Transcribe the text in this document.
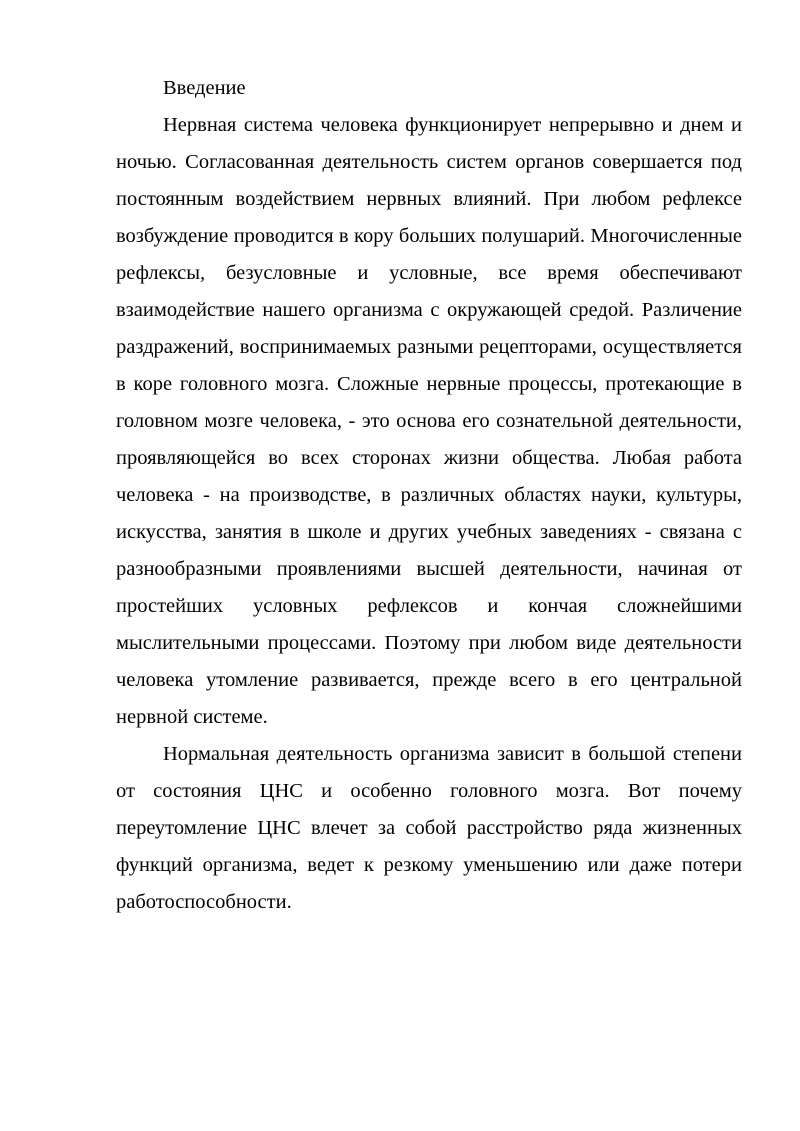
Введение

Нервная система человека функционирует непрерывно и днем и ночью. Согласованная деятельность систем органов совершается под постоянным воздействием нервных влияний. При любом рефлексе возбуждение проводится в кору больших полушарий. Многочисленные рефлексы, безусловные и условные, все время обеспечивают взаимодействие нашего организма с окружающей средой. Различение раздражений, воспринимаемых разными рецепторами, осуществляется в коре головного мозга. Сложные нервные процессы, протекающие в головном мозге человека, - это основа его сознательной деятельности, проявляющейся во всех сторонах жизни общества. Любая работа человека - на производстве, в различных областях науки, культуры, искусства, занятия в школе и других учебных заведениях - связана с разнообразными проявлениями высшей деятельности, начиная от простейших условных рефлексов и кончая сложнейшими мыслительными процессами. Поэтому при любом виде деятельности человека утомление развивается, прежде всего в его центральной нервной системе.

Нормальная деятельность организма зависит в большой степени от состояния ЦНС и особенно головного мозга. Вот почему переутомление ЦНС влечет за собой расстройство ряда жизненных функций организма, ведет к резкому уменьшению или даже потери работоспособности.
